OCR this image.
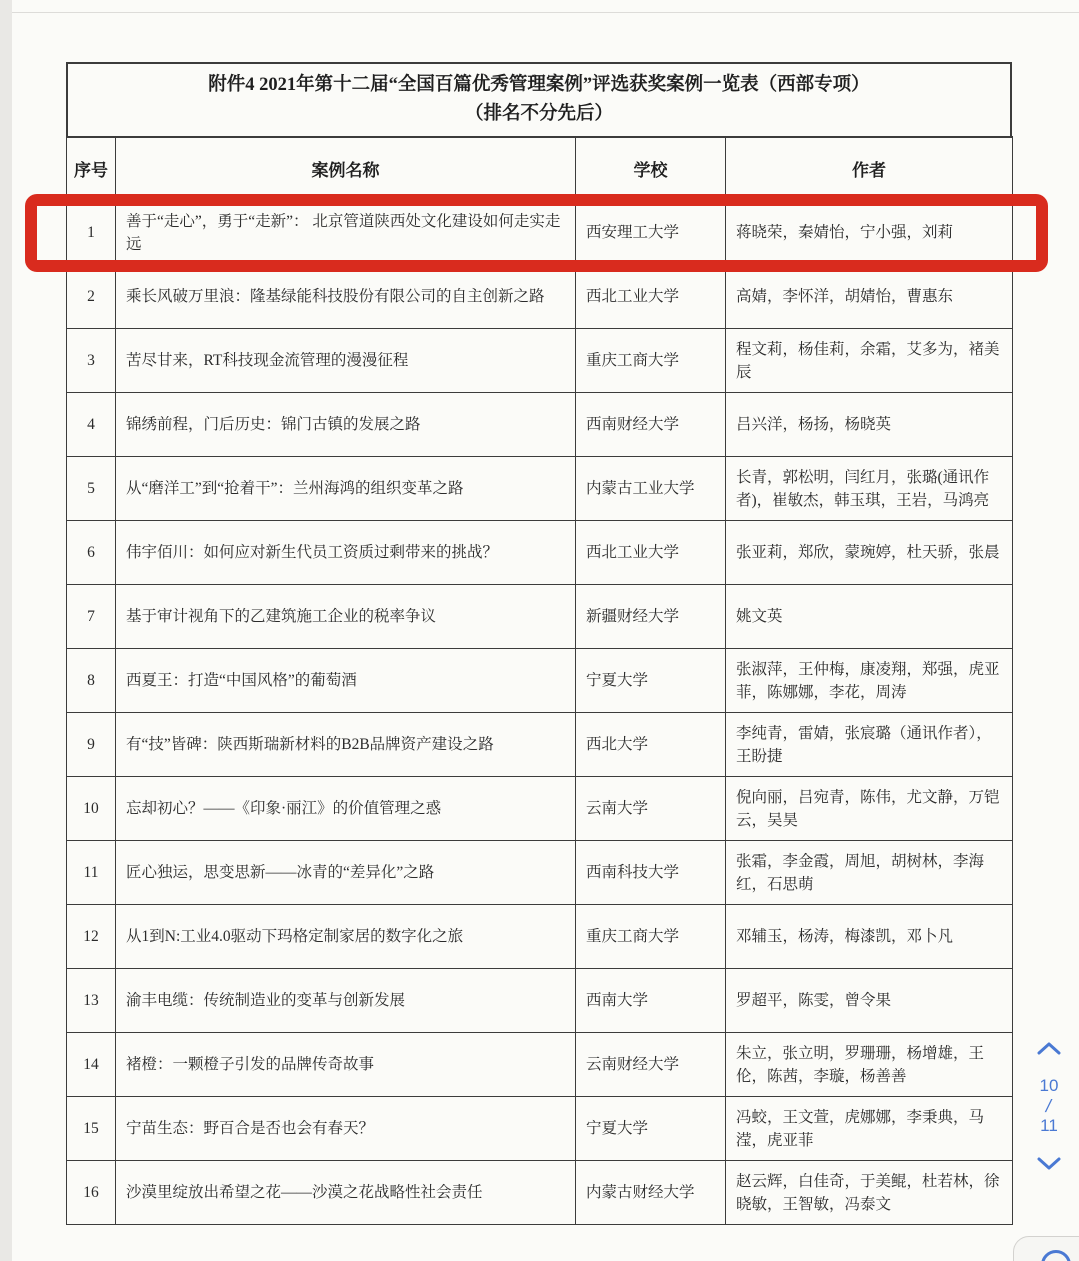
附件4 2021年第十二届“全国百篇优秀管理案例”评选获奖案例一览表（西部专项）
（排名不分先后）
序号	案例名称	学校	作者
1	善于“走心”，勇于“走新”： 北京管道陕西处文化建设如何走实走远	西安理工大学	蒋晓荣，秦婧怡，宁小强，刘莉
2	乘长风破万里浪：隆基绿能科技股份有限公司的自主创新之路	西北工业大学	高婧，李怀洋，胡婧怡，曹惠东
3	苦尽甘来，RT科技现金流管理的漫漫征程	重庆工商大学	程文莉，杨佳莉，余霜，艾多为，褚美辰
4	锦绣前程，门后历史：锦门古镇的发展之路	西南财经大学	吕兴洋，杨扬，杨晓英
5	从“磨洋工”到“抢着干”：兰州海鸿的组织变革之路	内蒙古工业大学	长青，郭松明，闫红月，张璐(通讯作者)，崔敏杰，韩玉琪，王岩，马鸿亮
6	伟宇佰川：如何应对新生代员工资质过剩带来的挑战？	西北工业大学	张亚莉，郑欣，蒙琬婷，杜天骄，张晨
7	基于审计视角下的乙建筑施工企业的税率争议	新疆财经大学	姚文英
8	西夏王：打造“中国风格”的葡萄酒	宁夏大学	张淑萍，王仲梅，康凌翔，郑强，虎亚菲，陈娜娜，李花，周涛
9	有“技”皆碑：陕西斯瑞新材料的B2B品牌资产建设之路	西北大学	李纯青，雷婧，张宸璐（通讯作者），王盼捷
10	忘却初心？——《印象·丽江》的价值管理之惑	云南大学	倪向丽，吕宛青，陈伟，尤文静，万铠云，吴昊
11	匠心独运，思变思新——冰青的“差异化”之路	西南科技大学	张霜，李金霞，周旭，胡树林，李海红，石思萌
12	从1到N:工业4.0驱动下玛格定制家居的数字化之旅	重庆工商大学	邓辅玉，杨涛，梅漆凯，邓卜凡
13	渝丰电缆：传统制造业的变革与创新发展	西南大学	罗超平，陈雯，曾令果
14	褚橙：一颗橙子引发的品牌传奇故事	云南财经大学	朱立，张立明，罗珊珊，杨增雄，王伦，陈茜，李璇，杨善善
15	宁苗生态：野百合是否也会有春天？	宁夏大学	冯蛟，王文萱，虎娜娜，李秉典，马滢，虎亚菲
16	沙漠里绽放出希望之花——沙漠之花战略性社会责任	内蒙古财经大学	赵云辉，白佳奇，于美鲲，杜若林，徐晓敏，王智敏，冯泰文
10
/
11
